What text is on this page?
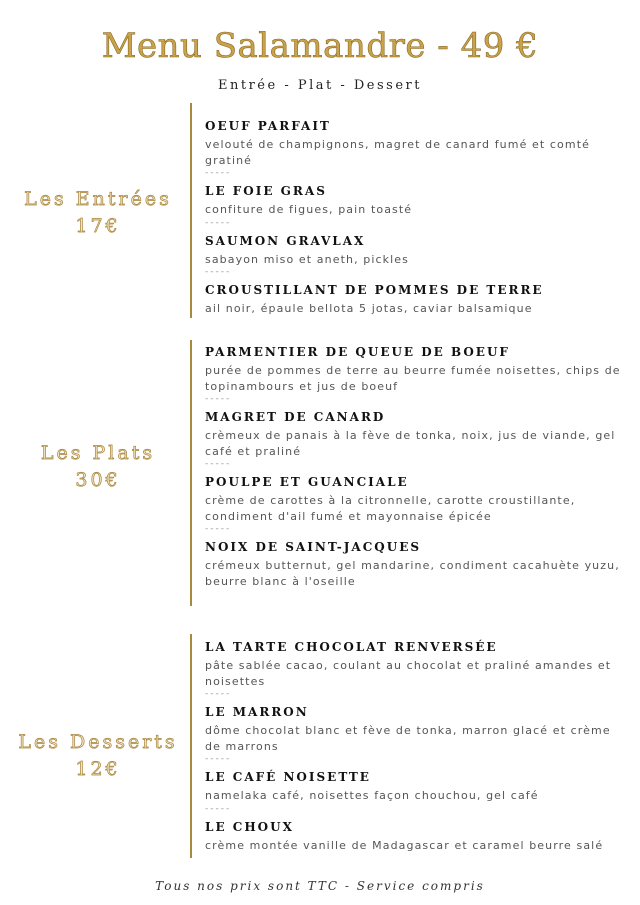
Menu Salamandre - 49 €
Entrée - Plat - Dessert
Les Entrées
17€

OEUF PARFAIT

velouté de champignons, magret de canard fumé et comté gratiné

-----

LE FOIE GRAS

confiture de figues, pain toasté

-----

SAUMON GRAVLAX

sabayon miso et aneth, pickles

-----

CROUSTILLANT DE POMMES DE TERRE

ail noir, épaule bellota 5 jotas, caviar balsamique

Les Plats
30€

PARMENTIER DE QUEUE DE BOEUF

purée de pommes de terre au beurre fumée noisettes, chips de topinambours et jus de boeuf

-----

MAGRET DE CANARD

crèmeux de panais à la fève de tonka, noix, jus de viande, gel café et praliné

-----

POULPE ET GUANCIALE

crème de carottes à la citronnelle, carotte croustillante, condiment d'ail fumé et mayonnaise épicée

-----

NOIX DE SAINT-JACQUES

crémeux butternut, gel mandarine, condiment cacahuète yuzu, beurre blanc à l'oseille

Les Desserts
12€

LA TARTE CHOCOLAT RENVERSÉE

pâte sablée cacao, coulant au chocolat et praliné amandes et noisettes

-----

LE MARRON

dôme chocolat blanc et fève de tonka, marron glacé et crème de marrons

-----

LE CAFÉ NOISETTE

namelaka café, noisettes façon chouchou, gel café

-----

LE CHOUX

crème montée vanille de Madagascar et caramel beurre salé

Tous nos prix sont TTC - Service compris
